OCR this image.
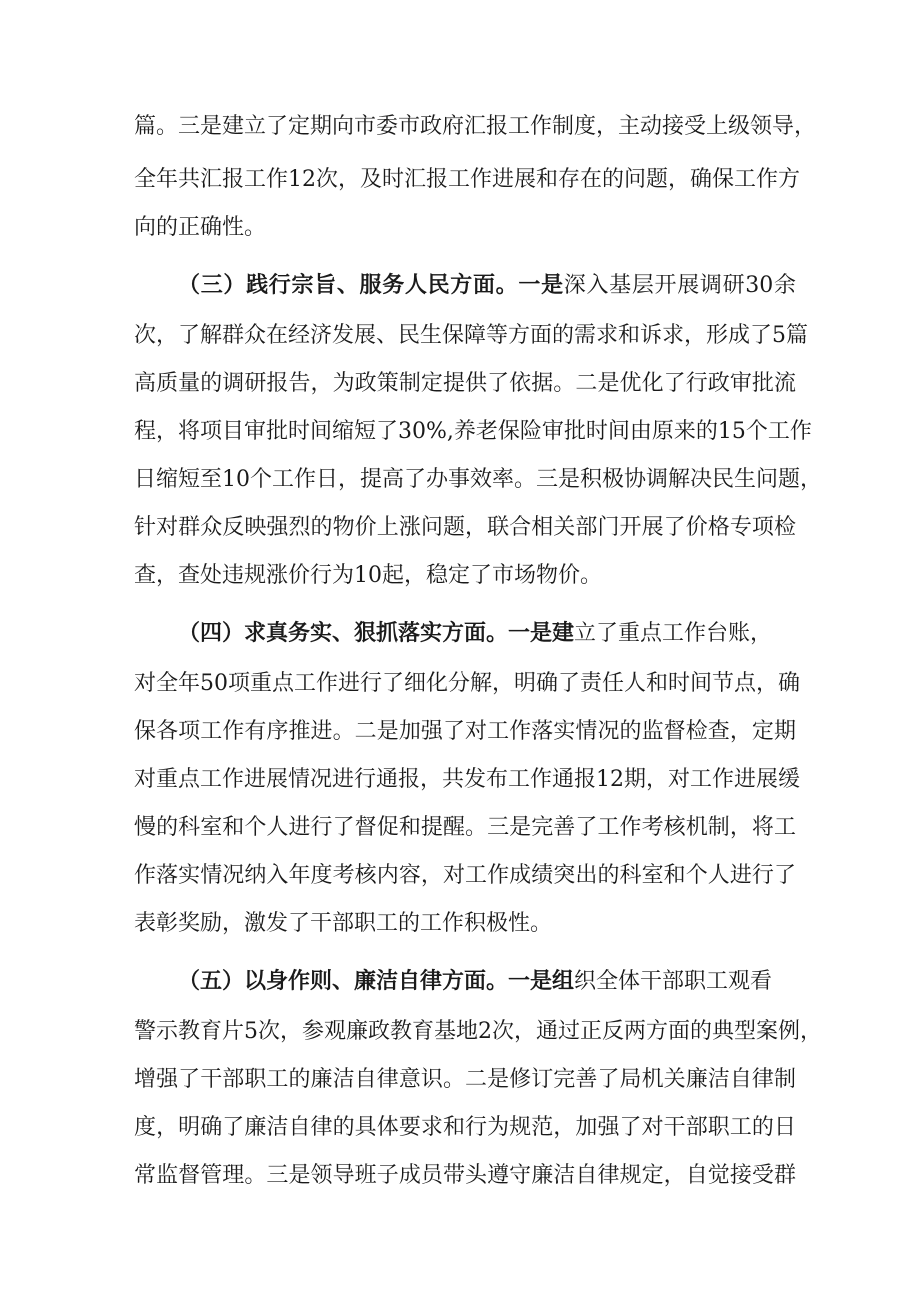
篇。三是建立了定期向市委市政府汇报工作制度，主动接受上级领导，
全年共汇报工作12次，及时汇报工作进展和存在的问题，确保工作方
向的正确性。
（三）践行宗旨、服务人民方面。一是深入基层开展调研30余
次，了解群众在经济发展、民生保障等方面的需求和诉求，形成了5篇
高质量的调研报告，为政策制定提供了依据。二是优化了行政审批流
程，将项目审批时间缩短了30%,养老保险审批时间由原来的15个工作
日缩短至10个工作日，提高了办事效率。三是积极协调解决民生问题，
针对群众反映强烈的物价上涨问题，联合相关部门开展了价格专项检
查，查处违规涨价行为10起，稳定了市场物价。
（四）求真务实、狠抓落实方面。一是建立了重点工作台账，
对全年50项重点工作进行了细化分解，明确了责任人和时间节点，确
保各项工作有序推进。二是加强了对工作落实情况的监督检查，定期
对重点工作进展情况进行通报，共发布工作通报12期，对工作进展缓
慢的科室和个人进行了督促和提醒。三是完善了工作考核机制，将工
作落实情况纳入年度考核内容，对工作成绩突出的科室和个人进行了
表彰奖励，激发了干部职工的工作积极性。
（五）以身作则、廉洁自律方面。一是组织全体干部职工观看
警示教育片5次，参观廉政教育基地2次，通过正反两方面的典型案例，
增强了干部职工的廉洁自律意识。二是修订完善了局机关廉洁自律制
度，明确了廉洁自律的具体要求和行为规范，加强了对干部职工的日
常监督管理。三是领导班子成员带头遵守廉洁自律规定，自觉接受群
